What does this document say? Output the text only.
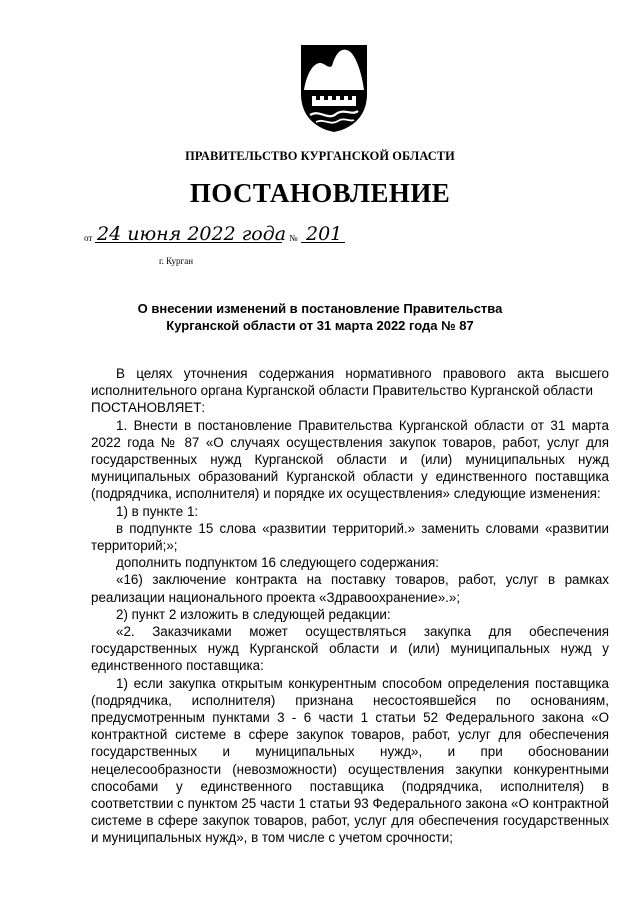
ПРАВИТЕЛЬСТВО КУРГАНСКОЙ ОБЛАСТИ
ПОСТАНОВЛЕНИЕ
от 24 июня 2022 года № 201
г. Курган
О внесении изменений в постановление Правительства
Курганской области от 31 марта 2022 года № 87

В целях уточнения содержания нормативного правового акта высшего исполнительного органа Курганской области Правительство Курганской области

ПОСТАНОВЛЯЕТ:

1. Внести в постановление Правительства Курганской области от 31 марта 2022 года № 87 «О случаях осуществления закупок товаров, работ, услуг для государственных нужд Курганской области и (или) муниципальных нужд муниципальных образований Курганской области у единственного поставщика (подрядчика, исполнителя) и порядке их осуществления» следующие изменения:

1) в пункте 1:

в подпункте 15 слова «развитии территорий.» заменить словами «развитии территорий;»;

дополнить подпунктом 16 следующего содержания:

«16) заключение контракта на поставку товаров, работ, услуг в рамках реализации национального проекта «Здравоохранение».»;

2) пункт 2 изложить в следующей редакции:

«2. Заказчиками может осуществляться закупка для обеспечения государственных нужд Курганской области и (или) муниципальных нужд у единственного поставщика:

1) если закупка открытым конкурентным способом определения поставщика (подрядчика, исполнителя) признана несостоявшейся по основаниям, предусмотренным пунктами 3 - 6 части 1 статьи 52 Федерального закона «О контрактной системе в сфере закупок товаров, работ, услуг для обеспечения государственных и муниципальных нужд», и при обосновании нецелесообразности (невозможности) осуществления закупки конкурентными способами у единственного поставщика (подрядчика, исполнителя) в соответствии с пунктом 25 части 1 статьи 93 Федерального закона «О контрактной системе в сфере закупок товаров, работ, услуг для обеспечения государственных и муниципальных нужд», в том числе с учетом срочности;
